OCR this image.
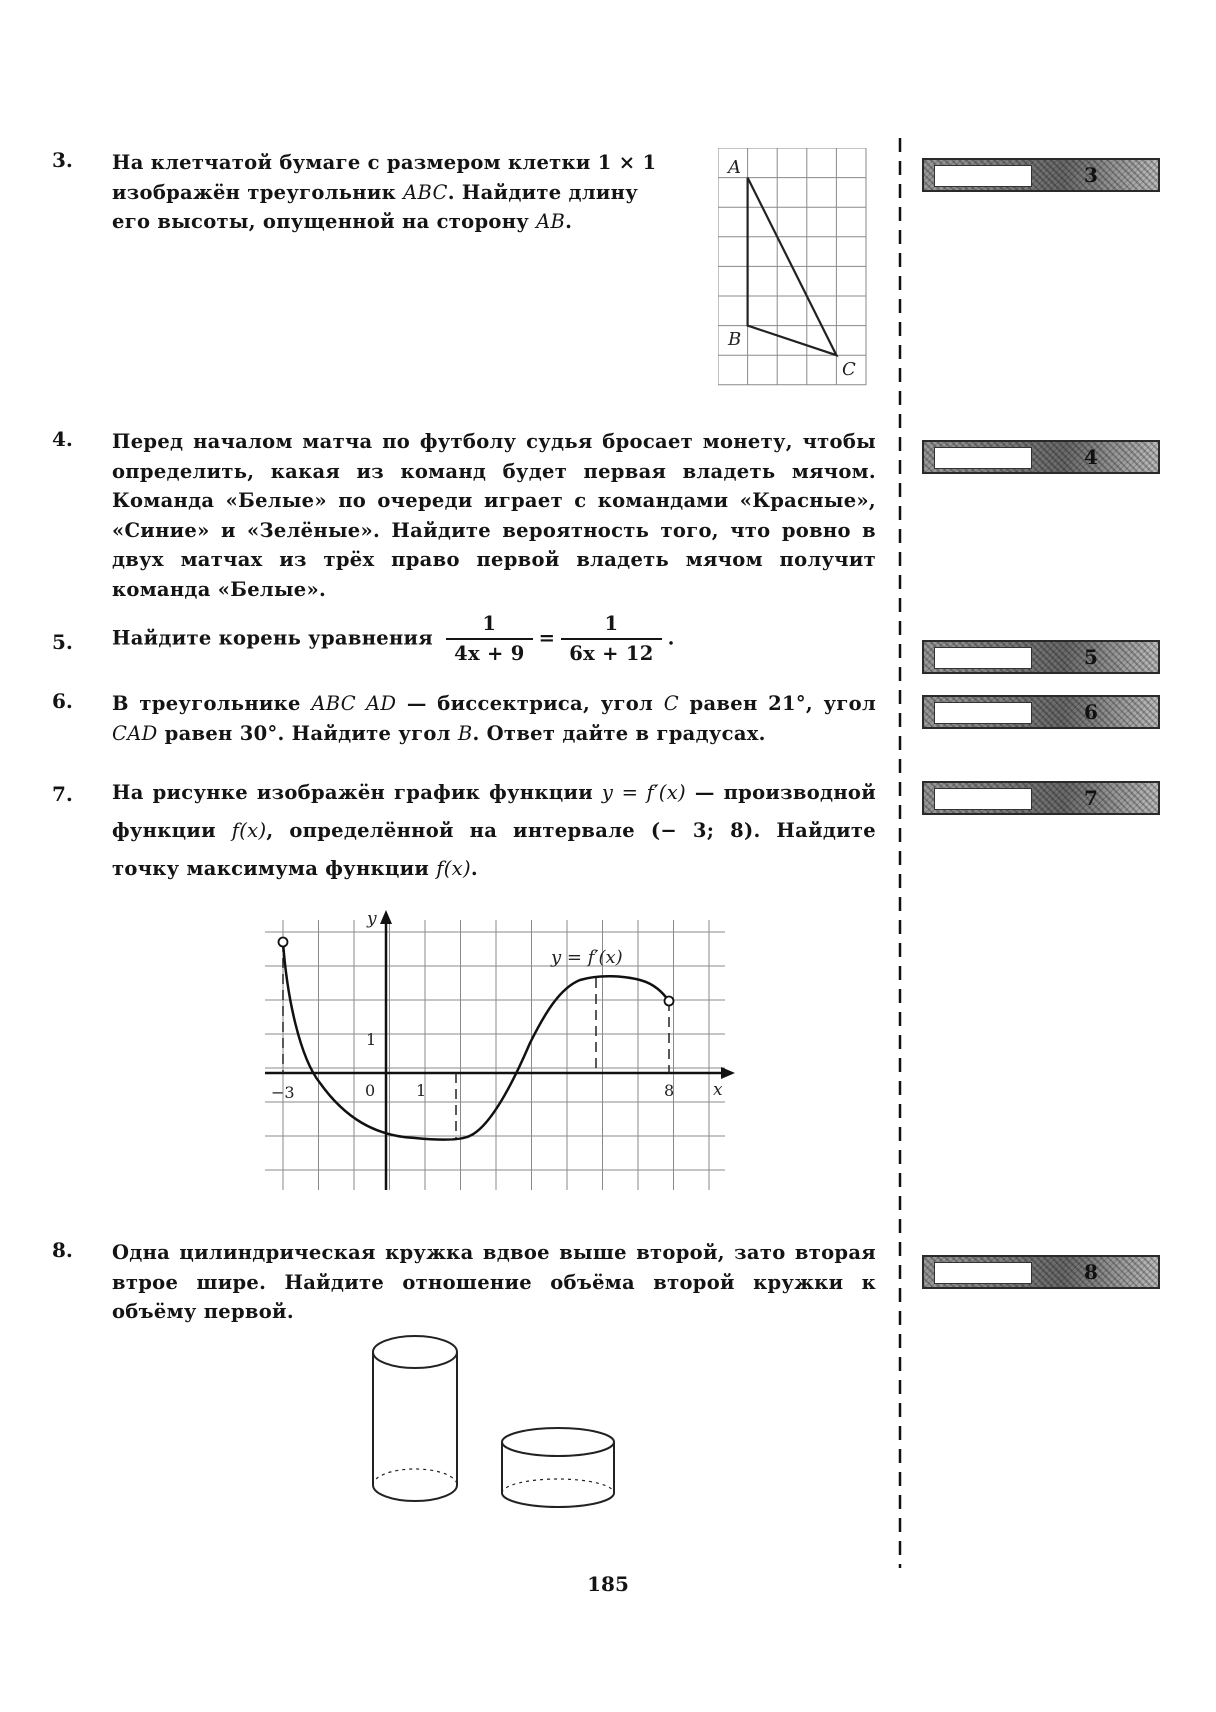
3. На клетчатой бумаге с размером клетки 1 × 1
изображён треугольник ABC. Найдите длину
его высоты, опущенной на сторону AB.
A
B
C
4. Перед началом матча по футболу судья бросает монету, чтобы определить, какая из команд будет первая владеть мячом. Команда «Белые» по очереди играет с командами «Красные», «Синие» и «Зелёные». Найдите вероятность того, что ровно в двух матчах из трёх право первой владеть мячом получит команда «Белые».
5. Найдите корень уравнения $\frac{1}{4x + 9} = \frac{1}{6x + 12}$ .
6. В треугольнике ABC AD — биссектриса, угол C равен 21°, угол CAD равен 30°. Найдите угол B. Ответ дайте в градусах.
7. На рисунке изображён график функции y = f′(x) — производной функции f(x), определённой на интервале (− 3; 8). Найдите точку максимума функции f(x).
y
x
y = f′(x)
−3	0	1	8
1
8. Одна цилиндрическая кружка вдвое выше второй, зато вторая втрое шире. Найдите отношение объёма второй кружки к объёму первой.
3
4
5
6
7
8
185
